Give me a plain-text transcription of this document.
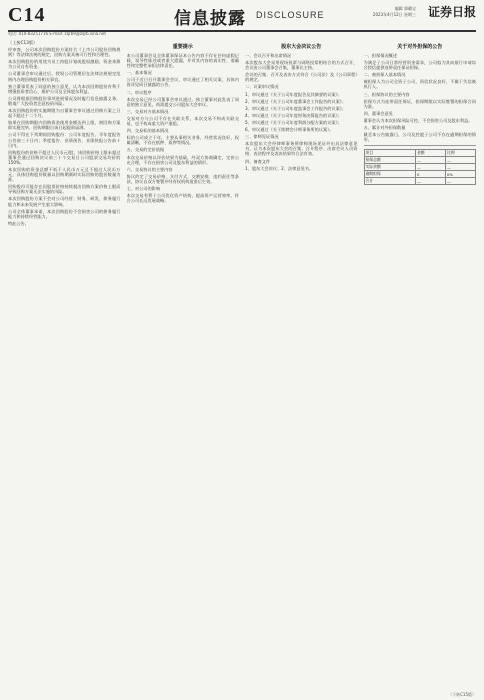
C14	信息披露 DISCLOSURE
编辑 郭璐宝
2023年4月12日 星期三 证券日报
电话: 010-83251716 E-mail: zqrb9@zqrb.sina.net

（上接C13版）

经审查，公司本次回购股份方案符合《上市公司股份回购规则》等法律法规的规定，回购方案具备可行性和合理性。

本次回购股份的用途为员工持股计划或股权激励，资金来源为公司自有资金。

公司董事会审议通过后，授权公司管理层在法律法规规定范围内办理回购股份相关事宜。

独立董事发表了同意的独立意见，认为本次回购股份有利于增强投资者信心，维护公司及全体股东利益。

公司将根据回购股份事项进展情况及时履行信息披露义务，敬请广大投资者注意投资风险。

本次回购股份的实施期限为自董事会审议通过回购方案之日起不超过十二个月。

如果在回购期限内回购资金使用金额达到上限，则回购方案即实施完毕，回购期限自该日起提前届满。

公司不得在下列期间回购股份：公司年度报告、半年度报告公告前三十日内；季度报告、业绩预告、业绩快报公告前十日内。

回购股份的价格不超过人民币元/股，该回购价格上限未超过董事会通过回购决议前三十个交易日公司股票交易均价的150%。

本次回购的资金总额不低于人民币万元且不超过人民币万元，具体回购股份数量以回购期满时实际回购的股份数量为准。

回购股份可能存在因股票价格持续超出回购方案价格上限而导致回购方案无法实施的风险。

本次回购股份方案不会对公司经营、财务、研发、债务履行能力和未来发展产生重大影响。

公司全体董事承诺，本次回购股份不会损害公司的债务履行能力和持续经营能力。

特此公告。

重要提示

本公司董事会及全体董事保证本公告内容不存在任何虚假记载、误导性陈述或者重大遗漏，并对其内容的真实性、准确性和完整性承担法律责任。

一、基本情况

公司于近日召开董事会会议，审议通过了相关议案，具体内容详见同日披露的公告。

二、审议程序

本次交易已经公司董事会审议通过，独立董事对此发表了同意的独立意见，尚需提交公司股东大会审议。

三、交易对方基本情况

交易对方与公司不存在关联关系，本次交易不构成关联交易，也不构成重大资产重组。

四、交易标的基本情况

标的公司成立于年，主要从事相关业务，经营状况良好，权属清晰，不存在抵押、质押等情况。

五、交易的定价依据

本次交易价格以评估结果为基础，经双方协商确定，定价公允合理，不存在损害公司及股东利益的情形。

六、交易协议的主要内容

协议约定了交易价格、支付方式、交割安排、违约责任等条款，协议自双方签署并经有权机构批准后生效。

七、对公司的影响

本次交易有利于公司优化资产结构，提高资产运营效率，符合公司长远发展战略。

股东大会决议公告

一、会议召开和出席情况

本次股东大会采用现场投票与网络投票相结合的方式召开，会议由公司董事会召集，董事长主持。

会议的召集、召开及表决方式符合《公司法》及《公司章程》的规定。

二、议案审议情况

1、审议通过《关于公司年度报告及其摘要的议案》；

2、审议通过《关于公司年度董事会工作报告的议案》；

3、审议通过《关于公司年度监事会工作报告的议案》；

4、审议通过《关于公司年度财务决算报告的议案》；

5、审议通过《关于公司年度利润分配方案的议案》；

6、审议通过《关于续聘会计师事务所的议案》。

三、律师见证情况

本次股东大会经律师事务所律师现场见证并出具法律意见书，认为本次股东大会的召集、召开程序、出席会议人员资格、表决程序及表决结果均合法有效。

四、备查文件

1、股东大会决议；2、法律意见书。

关于对外担保的公告

一、担保情况概述

为满足子公司日常经营资金需求，公司拟为其向银行申请综合授信提供连带责任保证担保。

二、被担保人基本情况

被担保人为公司全资子公司，资信状况良好，不属于失信被执行人。

三、担保协议的主要内容

担保方式为连带责任保证，担保期限以实际签署的担保合同为准。

四、董事会意见

董事会认为本次担保风险可控，不会损害公司及股东利益。

五、累计对外担保数量

截至本公告披露日，公司及控股子公司不存在逾期担保的情形。

项目	金额	比例
担保总额	—	—
实际余额	—	—
逾期担保	0	0%
合计	—	—
（下转C15版）
